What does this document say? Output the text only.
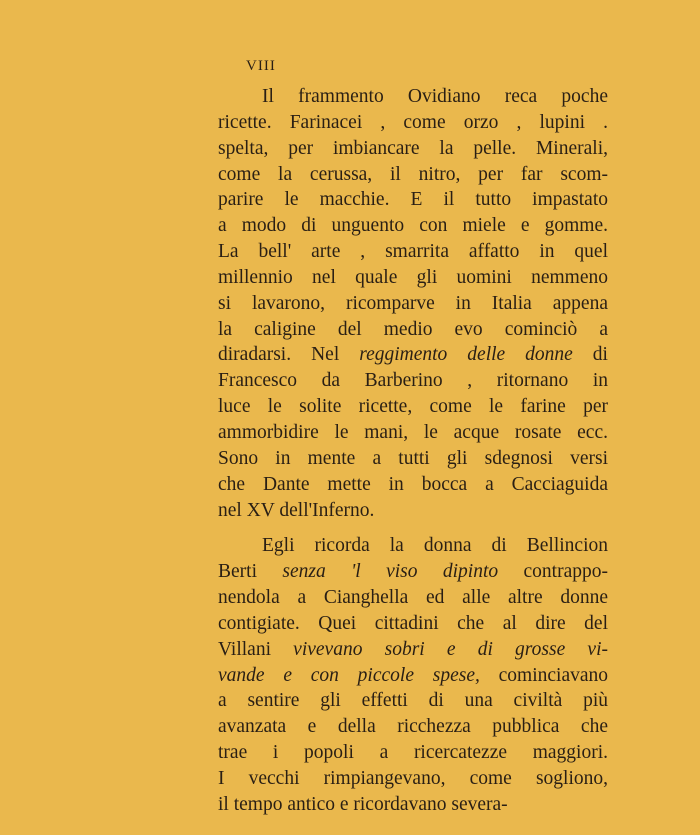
VIII
Il frammento Ovidiano reca poche
ricette. Farinacei , come orzo , lupini .
spelta, per imbiancare la pelle. Minerali,
come la cerussa, il nitro, per far scom-
parire le macchie. E il tutto impastato
a modo di unguento con miele e gomme.
La bell' arte , smarrita affatto in quel
millennio nel quale gli uomini nemmeno
si lavarono, ricomparve in Italia appena
la caligine del medio evo cominciò a
diradarsi. Nel reggimento delle donne di
Francesco da Barberino , ritornano in
luce le solite ricette, come le farine per
ammorbidire le mani, le acque rosate ecc.
Sono in mente a tutti gli sdegnosi versi
che Dante mette in bocca a Cacciaguida
nel XV dell'Inferno.
Egli ricorda la donna di Bellincion
Berti senza 'l viso dipinto contrappo-
nendola a Cianghella ed alle altre donne
contigiate. Quei cittadini che al dire del
Villani vivevano sobri e di grosse vi-
vande e con piccole spese, cominciavano
a sentire gli effetti di una civiltà più
avanzata e della ricchezza pubblica che
trae i popoli a ricercatezze maggiori.
I vecchi rimpiangevano, come sogliono,
il tempo antico e ricordavano severa-
